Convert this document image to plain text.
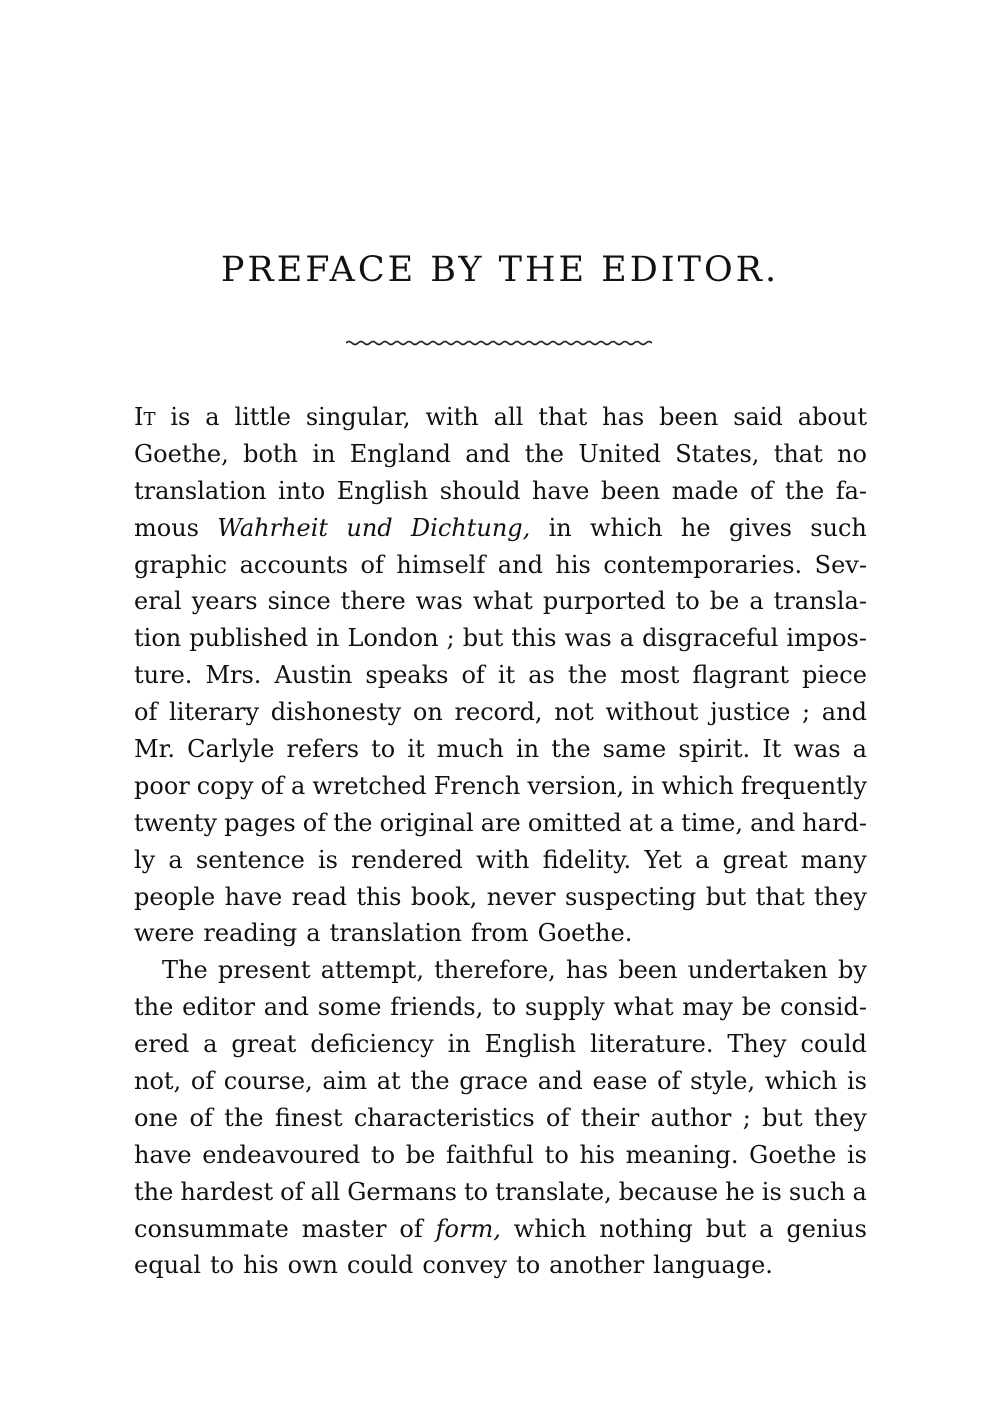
PREFACE BY THE EDITOR.
IT is a little singular, with all that has been said about
Goethe, both in England and the United States, that no
translation into English should have been made of the fa-
mous Wahrheit und Dichtung, in which he gives such
graphic accounts of himself and his contemporaries. Sev-
eral years since there was what purported to be a transla-
tion published in London ; but this was a disgraceful impos-
ture. Mrs. Austin speaks of it as the most flagrant piece
of literary dishonesty on record, not without justice ; and
Mr. Carlyle refers to it much in the same spirit. It was a
poor copy of a wretched French version, in which frequently
twenty pages of the original are omitted at a time, and hard-
ly a sentence is rendered with fidelity. Yet a great many
people have read this book, never suspecting but that they
were reading a translation from Goethe.
The present attempt, therefore, has been undertaken by
the editor and some friends, to supply what may be consid-
ered a great deficiency in English literature. They could
not, of course, aim at the grace and ease of style, which is
one of the finest characteristics of their author ; but they
have endeavoured to be faithful to his meaning. Goethe is
the hardest of all Germans to translate, because he is such a
consummate master of form, which nothing but a genius
equal to his own could convey to another language.
